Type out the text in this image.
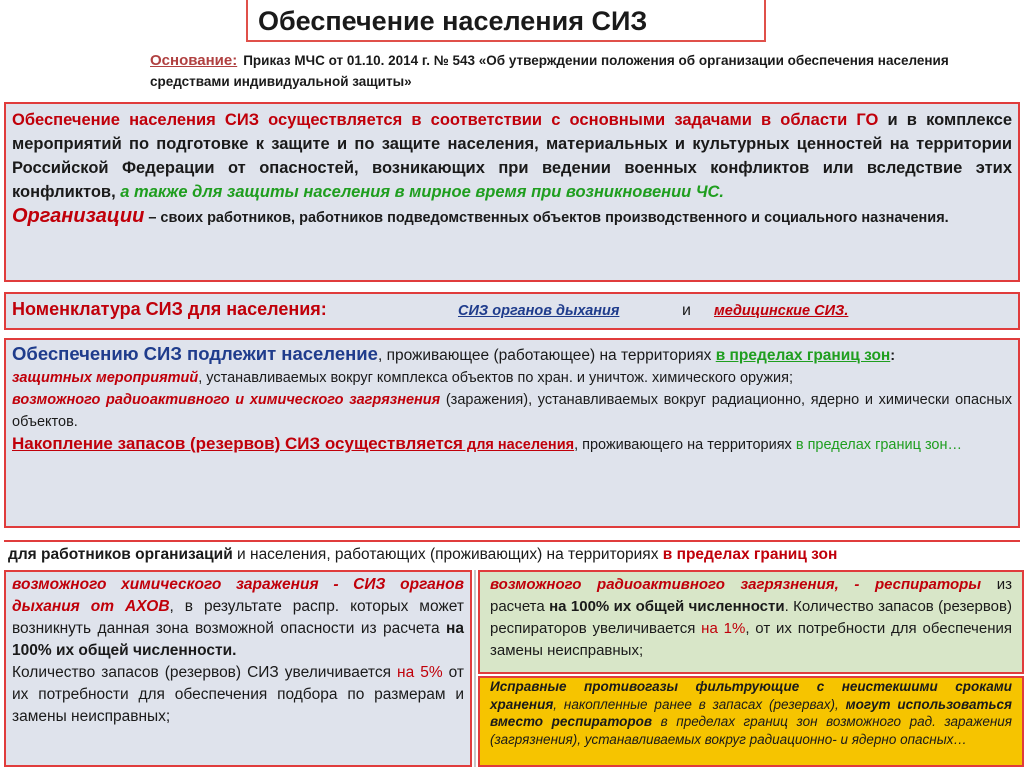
Обеспечение населения СИЗ
Основание: Приказ МЧС от 01.10. 2014 г. № 543 «Об утверждении положения об организации обеспечения населения средствами индивидуальной защиты»
Обеспечение населения СИЗ осуществляется в соответствии с основными задачами в области ГО и в комплексе мероприятий по подготовке к защите и по защите населения, материальных и культурных ценностей на территории Российской Федерации от опасностей, возникающих при ведении военных конфликтов или вследствие этих конфликтов, а также для защиты населения в мирное время при возникновении ЧС.
Организации – своих работников, работников подведомственных объектов производственного и социального назначения.
Номенклатура СИЗ для населения:	СИЗ органов дыхания	и медицинские СИЗ.
Обеспечению СИЗ подлежит население, проживающее (работающее) на территориях в пределах границ зон:
защитных мероприятий, устанавливаемых вокруг комплекса объектов по хран. и уничтож. химического оружия;
возможного радиоактивного и химического загрязнения (заражения), устанавливаемых вокруг радиационно, ядерно и химически опасных объектов.
Накопление запасов (резервов) СИЗ осуществляется для населения, проживающего на территориях в пределах границ зон…
для работников организаций и населения, работающих (проживающих) на территориях в пределах границ зон
возможного химического заражения - СИЗ органов дыхания от АХОВ, в результате распр. которых может возникнуть данная зона возможной опасности из расчета на 100% их общей численности.
Количество запасов (резервов) СИЗ увеличивается на 5% от их потребности для обеспечения подбора по размерам и замены неисправных;
возможного радиоактивного загрязнения, - респираторы из расчета на 100% их общей численности. Количество запасов (резервов) респираторов увеличивается на 1%, от их потребности для обеспечения замены неисправных;
Исправные противогазы фильтрующие с неистекшими сроками хранения, накопленные ранее в запасах (резервах), могут использоваться вместо респираторов в пределах границ зон возможного рад. заражения (загрязнения), устанавливаемых вокруг радиационно- и ядерно опасных…
